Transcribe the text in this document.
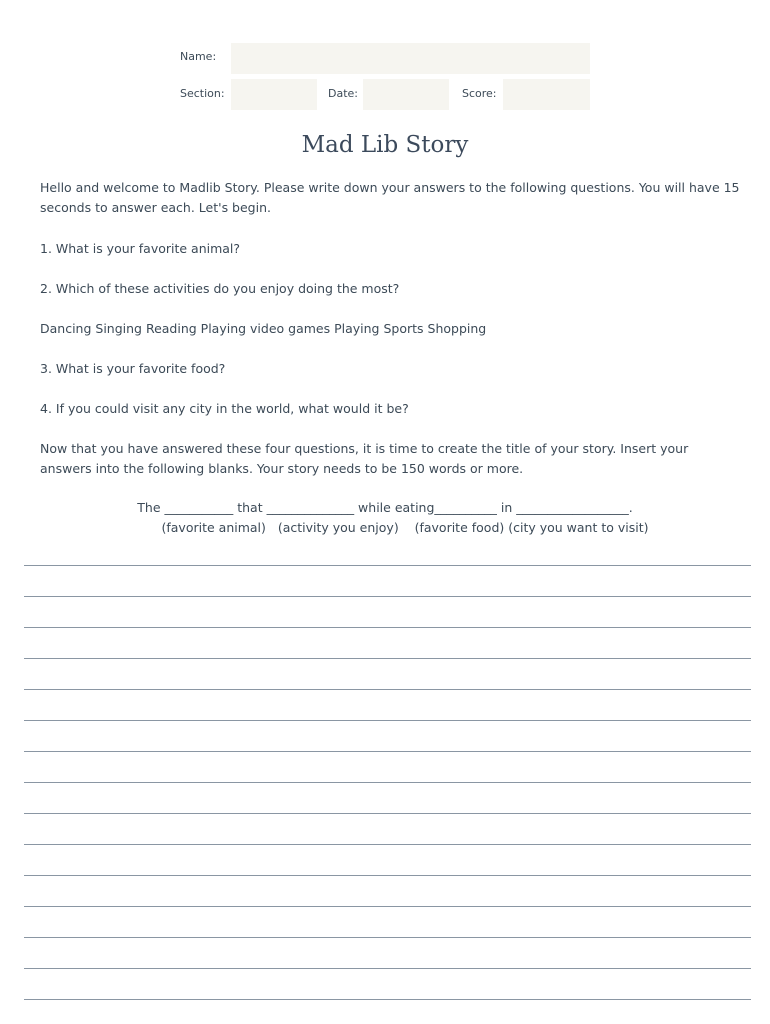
Name:
Section:	Date:	Score:
Mad Lib Story

Hello and welcome to Madlib Story. Please write down your answers to the following questions. You will have 15 seconds to answer each. Let's begin.

1. What is your favorite animal?

2. Which of these activities do you enjoy doing the most?

Dancing Singing Reading Playing video games Playing Sports Shopping

3. What is your favorite food?

4. If you could visit any city in the world, what would it be?

Now that you have answered these four questions, it is time to create the title of your story. Insert your answers into the following blanks. Your story needs to be 150 words or more.

The ___________ that ______________ while eating__________ in __________________.
(favorite animal)   (activity you enjoy)    (favorite food) (city you want to visit)
